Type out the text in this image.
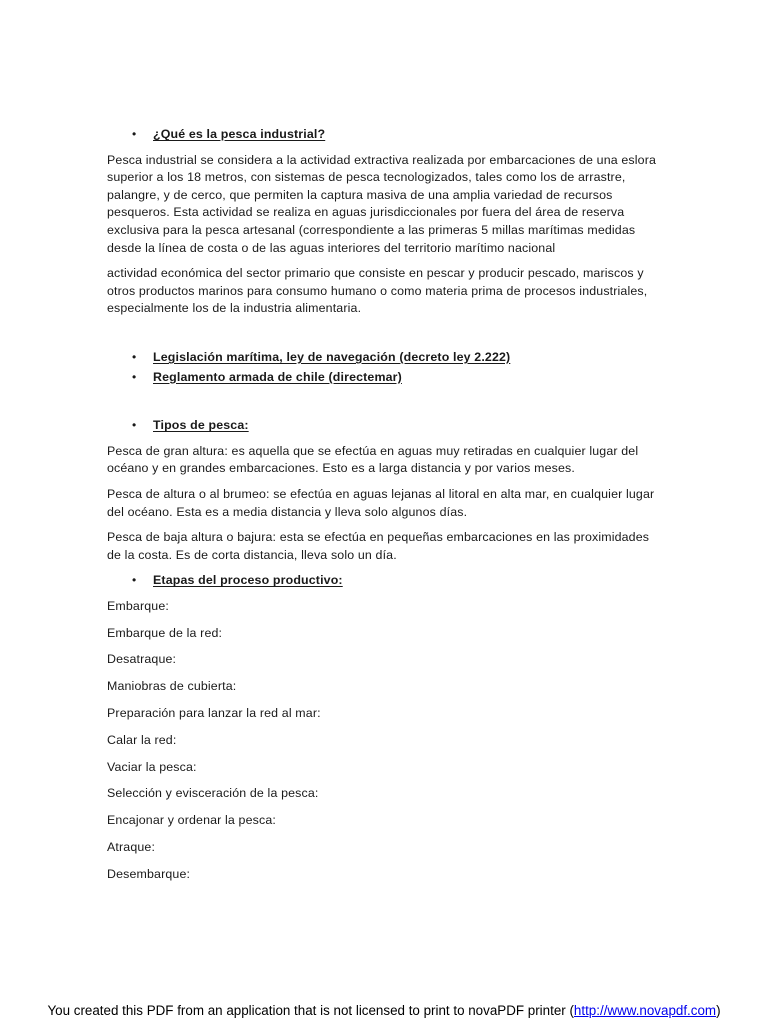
•	¿Qué es la pesca industrial?

Pesca industrial se considera a la actividad extractiva realizada por embarcaciones de una eslora superior a los 18 metros, con sistemas de pesca tecnologizados, tales como los de arrastre, palangre, y de cerco, que permiten la captura masiva de una amplia variedad de recursos pesqueros. Esta actividad se realiza en aguas jurisdiccionales por fuera del área de reserva exclusiva para la pesca artesanal (correspondiente a las primeras 5 millas marítimas medidas desde la línea de costa o de las aguas interiores del territorio marítimo nacional

actividad económica del sector primario que consiste en pescar y producir pescado, mariscos y otros productos marinos para consumo humano o como materia prima de procesos industriales, especialmente los de la industria alimentaria.

•	Legislación marítima, ley de navegación (decreto ley 2.222)
•	Reglamento armada de chile (directemar)
•	Tipos de pesca:

Pesca de gran altura: es aquella que se efectúa en aguas muy retiradas en cualquier lugar del océano y en grandes embarcaciones. Esto es a larga distancia y por varios meses.

Pesca de altura o al brumeo: se efectúa en aguas lejanas al litoral en alta mar, en cualquier lugar del océano. Esta es a media distancia y lleva solo algunos días.

Pesca de baja altura o bajura: esta se efectúa en pequeñas embarcaciones en las proximidades de la costa. Es de corta distancia, lleva solo un día.

•	Etapas del proceso productivo:

Embarque:

Embarque de la red:

Desatraque:

Maniobras de cubierta:

Preparación para lanzar la red al mar:

Calar la red:

Vaciar la pesca:

Selección y evisceración de la pesca:

Encajonar y ordenar la pesca:

Atraque:

Desembarque:

You created this PDF from an application that is not licensed to print to novaPDF printer (http://www.novapdf.com)
